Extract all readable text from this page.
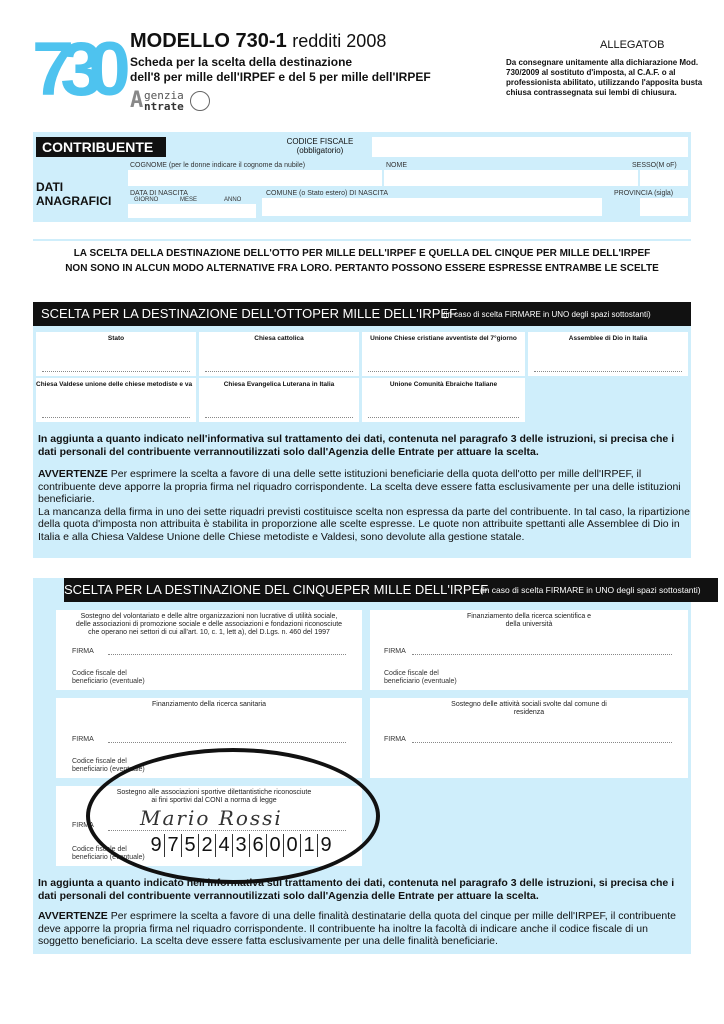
730 MODELLO 730-1 redditi 2008
Scheda per la scelta della destinazione
dell'8 per mille dell'IRPEF e del 5 per mille dell'IRPEF
A genzia
ntrate
ALLEGATOB
Da consegnare unitamente alla dichiarazione Mod. 730/2009 al sostituto d'imposta, al C.A.F. o al professionista abilitato, utilizzando l'apposita busta chiusa contrassegnata sui lembi di chiusura.
CONTRIBUENTE	CODICE FISCALE
(obbligatorio)
COGNOME (per le donne indicare il cognome da nubile)	NOME	SESSO(M oF)
DATI
ANAGRAFICI
DATA DI NASCITA	COMUNE (o Stato estero) DI NASCITA	PROVINCIA (sigla)
GIORNO	MESE	ANNO
LA SCELTA DELLA DESTINAZIONE DELL'OTTO PER MILLE DELL'IRPEF E QUELLA DEL CINQUE PER MILLE DELL'IRPEF
NON SONO IN ALCUN MODO ALTERNATIVE FRA LORO. PERTANTO POSSONO ESSERE ESPRESSE ENTRAMBE LE SCELTE
SCELTA PER LA DESTINAZIONE DELL'OTTOPER MILLE DELL'IRPEF
(in caso di scelta FIRMARE in UNO degli spazi sottostanti)
Stato	Chiesa cattolica	Unione Chiese cristiane avventiste del 7°giorno	Assemblee di Dio in Italia
Chiesa Valdese unione delle chiese metodiste e va	Chiesa Evangelica Luterana in Italia	Unione Comunità Ebraiche Italiane
In aggiunta a quanto indicato nell'informativa sul trattamento dei dati, contenuta nel paragrafo 3 delle istruzioni, si precisa che i dati personali del contribuente verrannoutilizzati solo dall'Agenzia delle Entrate per attuare la scelta.
AVVERTENZE Per esprimere la scelta a favore di una delle sette istituzioni beneficiarie della quota dell'otto per mille dell'IRPEF, il contribuente deve apporre la propria firma nel riquadro corrispondente. La scelta deve essere fatta esclusivamente per una delle istituzioni beneficiarie.
La mancanza della firma in uno dei sette riquadri previsti costituisce scelta non espressa da parte del contribuente. In tal caso, la ripartizione della quota d'imposta non attribuita è stabilita in proporzione alle scelte espresse. Le quote non attribuite spettanti alle Assemblee di Dio in Italia e alla Chiesa Valdese Unione delle Chiese metodiste e Valdesi, sono devolute alla gestione statale.
SCELTA PER LA DESTINAZIONE DEL CINQUEPER MILLE DELL'IRPEF
(in caso di scelta FIRMARE in UNO degli spazi sottostanti)
Sostegno del volontariato e delle altre organizzazioni non lucrative di utilità sociale, delle associazioni di promozione sociale e delle associazioni e fondazioni riconosciute che operano nei settori di cui all'art. 10, c. 1, lett a), del D.Lgs. n. 460 del 1997
FIRMA
Codice fiscale del
beneficiario (eventuale)
Finanziamento della ricerca scientifica e della università
FIRMA
Codice fiscale del
beneficiario (eventuale)
Finanziamento della ricerca sanitaria
FIRMA
Codice fiscale del
beneficiario (eventuale)
Sostegno delle attività sociali svolte dal comune di residenza
FIRMA
Sostegno alle associazioni sportive dilettantistiche riconosciute ai fini sportivi dal CONI a norma di legge
FIRMA Mario Rossi
Codice fiscale del
beneficiario (eventuale)
9 7 5 2 4 3 6 0 0 1 9
In aggiunta a quanto indicato nell'informativa sul trattamento dei dati, contenuta nel paragrafo 3 delle istruzioni, si precisa che i dati personali del contribuente verrannoutilizzati solo dall'Agenzia delle Entrate per attuare la scelta.
AVVERTENZE Per esprimere la scelta a favore di una delle finalità destinatarie della quota del cinque per mille dell'IRPEF, il contribuente deve apporre la propria firma nel riquadro corrispondente. Il contribuente ha inoltre la facoltà di indicare anche il codice fiscale di un soggetto beneficiario. La scelta deve essere fatta esclusivamente per una delle finalità beneficiarie.
